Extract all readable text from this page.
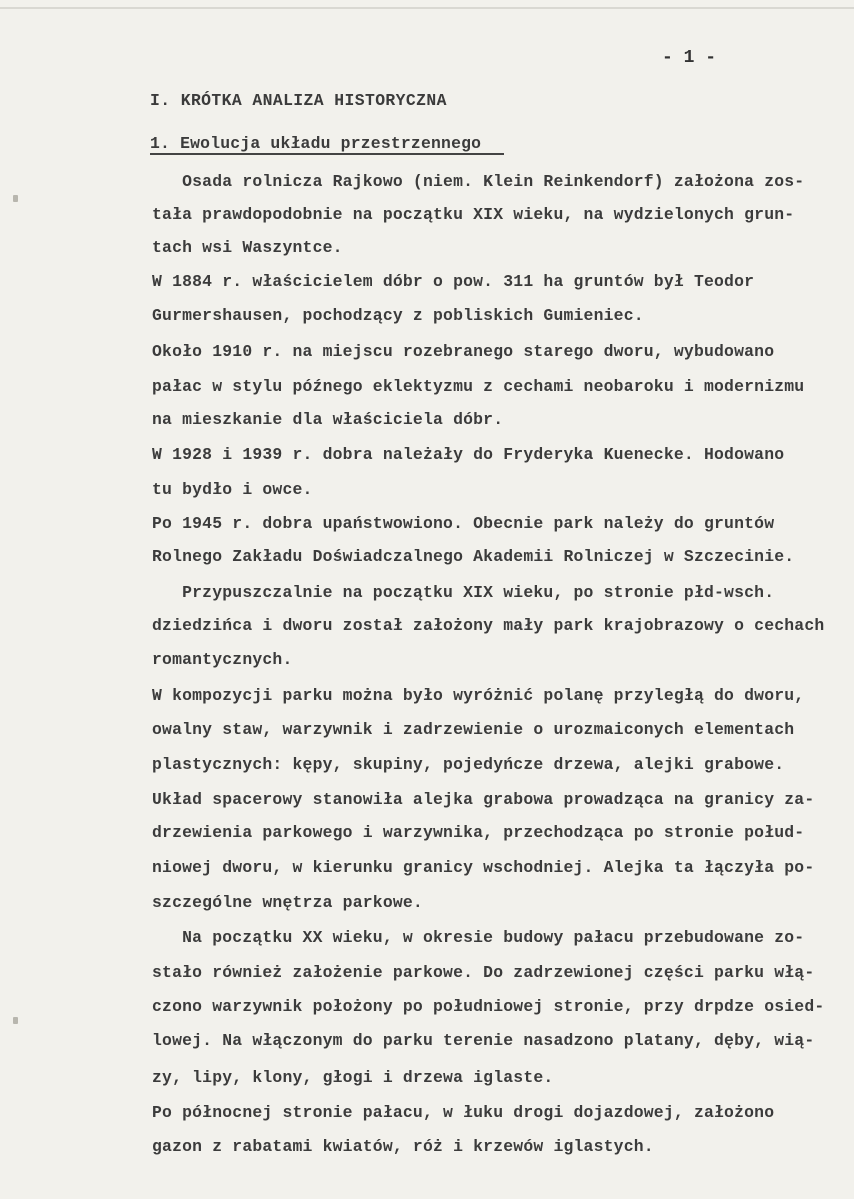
- 1 -
I. KRÓTKA ANALIZA HISTORYCZNA
1. Ewolucja układu przestrzennego
Osada rolnicza Rajkowo (niem. Klein Reinkendorf) założona zos-
tała prawdopodobnie na początku XIX wieku, na wydzielonych grun-
tach wsi Waszyntce.
W 1884 r. właścicielem dóbr o pow. 311 ha gruntów był Teodor
Gurmershausen, pochodzący z pobliskich Gumieniec.
Około 1910 r. na miejscu rozebranego starego dworu, wybudowano
pałac w stylu późnego eklektyzmu z cechami neobaroku i modernizmu
na mieszkanie dla właściciela dóbr.
W 1928 i 1939 r. dobra należały do Fryderyka Kuenecke. Hodowano
tu bydło i owce.
Po 1945 r. dobra upaństwowiono. Obecnie park należy do gruntów
Rolnego Zakładu Doświadczalnego Akademii Rolniczej w Szczecinie.
Przypuszczalnie na początku XIX wieku, po stronie płd-wsch.
dziedzińca i dworu został założony mały park krajobrazowy o cechach
romantycznych.
W kompozycji parku można było wyróżnić polanę przyległą do dworu,
owalny staw, warzywnik i zadrzewienie o urozmaiconych elementach
plastycznych: kępy, skupiny, pojedyńcze drzewa, alejki grabowe.
Układ spacerowy stanowiła alejka grabowa prowadząca na granicy za-
drzewienia parkowego i warzywnika, przechodząca po stronie połud-
niowej dworu, w kierunku granicy wschodniej. Alejka ta łączyła po-
szczególne wnętrza parkowe.
Na początku XX wieku, w okresie budowy pałacu przebudowane zo-
stało również założenie parkowe. Do zadrzewionej części parku włą-
czono warzywnik położony po południowej stronie, przy drpdze osied-
lowej. Na włączonym do parku terenie nasadzono platany, dęby, wią-
zy, lipy, klony, głogi i drzewa iglaste.
Po północnej stronie pałacu, w łuku drogi dojazdowej, założono
gazon z rabatami kwiatów, róż i krzewów iglastych.
